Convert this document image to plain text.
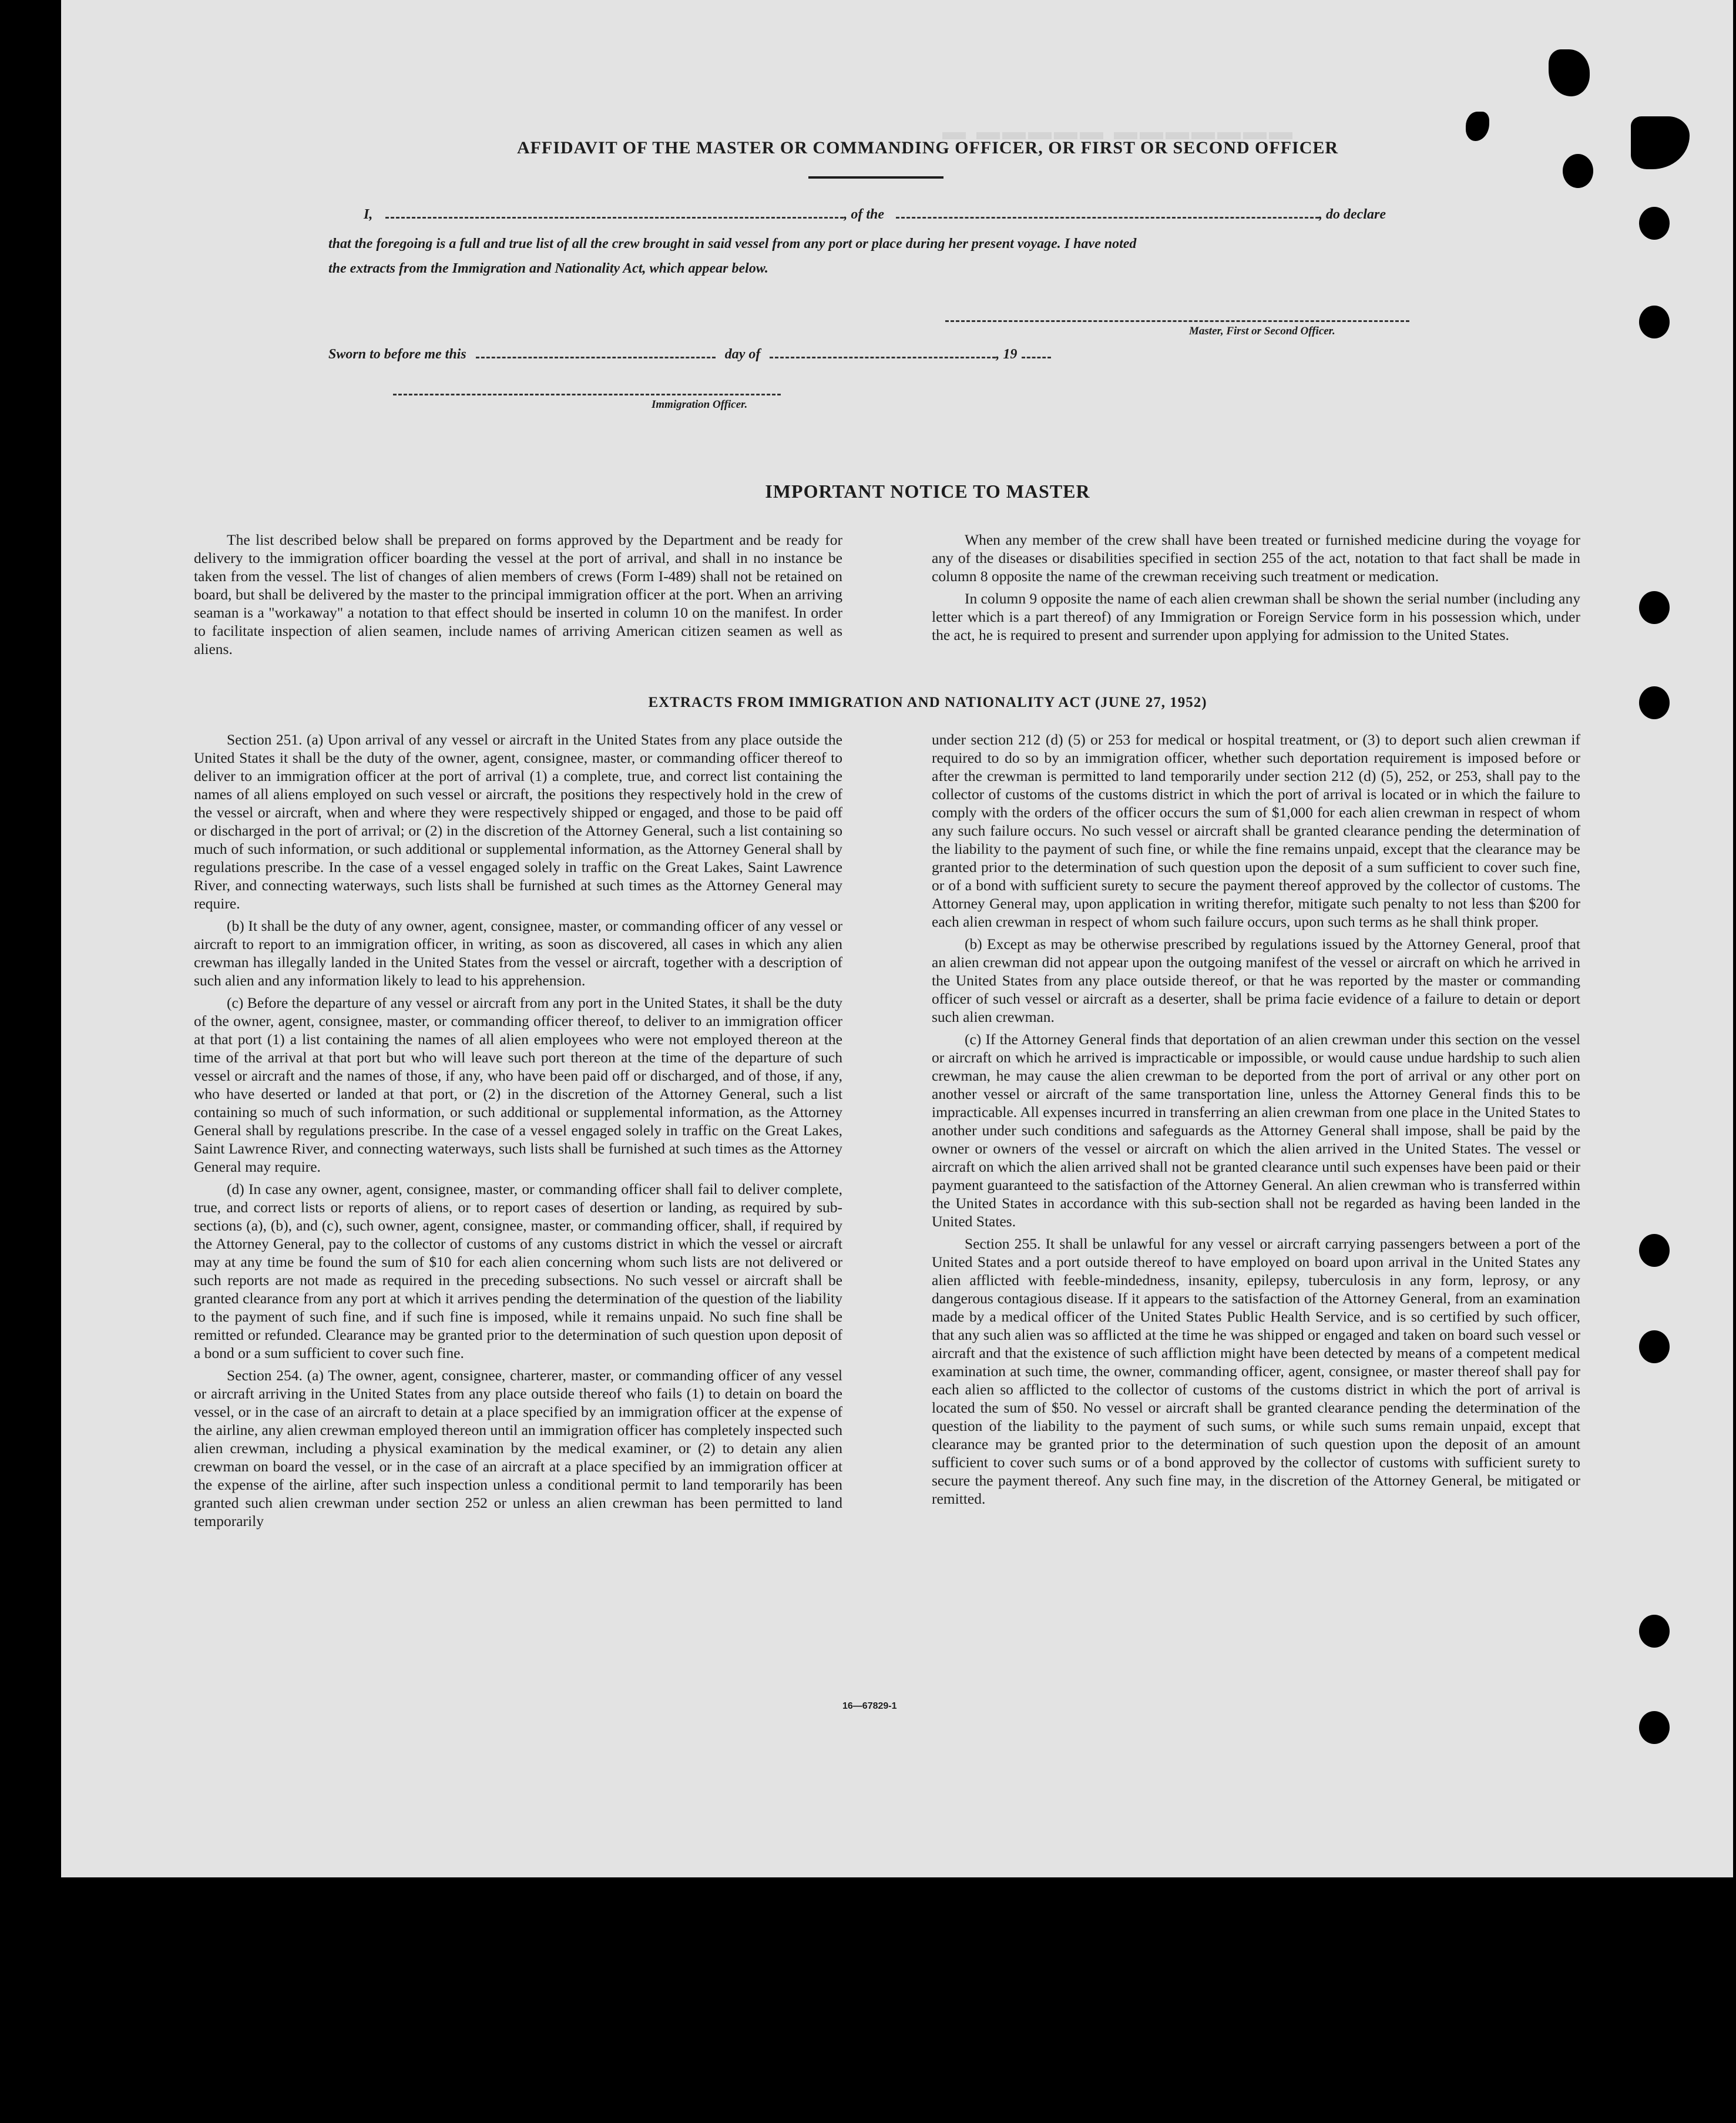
▬ ▬▬▬▬▬ ▬▬▬▬▬▬▬
AFFIDAVIT OF THE MASTER OR COMMANDING OFFICER, OR FIRST OR SECOND OFFICER
I,	, of the	, do declare
that the foregoing is a full and true list of all the crew brought in said vessel from any port or place during her present voyage. I have noted
the extracts from the Immigration and Nationality Act, which appear below.
Master, First or Second Officer.
Sworn to before me this	day of	, 19
Immigration Officer.
IMPORTANT NOTICE TO MASTER

The list described below shall be prepared on forms approved by the Department and be ready for delivery to the immigration officer boarding the vessel at the port of arrival, and shall in no instance be taken from the vessel. The list of changes of alien members of crews (Form I-489) shall not be retained on board, but shall be delivered by the master to the principal immigration officer at the port. When an arriving seaman is a "workaway" a notation to that effect should be inserted in column 10 on the manifest. In order to facilitate inspection of alien seamen, include names of arriving American citizen seamen as well as aliens.

When any member of the crew shall have been treated or furnished medicine during the voyage for any of the diseases or disabilities specified in section 255 of the act, notation to that fact shall be made in column 8 opposite the name of the crewman receiving such treatment or medication.

In column 9 opposite the name of each alien crewman shall be shown the serial number (including any letter which is a part thereof) of any Immigration or Foreign Service form in his possession which, under the act, he is required to present and surrender upon applying for admission to the United States.

EXTRACTS FROM IMMIGRATION AND NATIONALITY ACT (JUNE 27, 1952)

Section 251. (a) Upon arrival of any vessel or aircraft in the United States from any place outside the United States it shall be the duty of the owner, agent, consignee, master, or commanding officer thereof to deliver to an immigration officer at the port of arrival (1) a complete, true, and correct list containing the names of all aliens employed on such vessel or aircraft, the positions they respectively hold in the crew of the vessel or aircraft, when and where they were respectively shipped or engaged, and those to be paid off or discharged in the port of arrival; or (2) in the discretion of the Attorney General, such a list containing so much of such information, or such additional or supplemental information, as the Attorney General shall by regulations prescribe. In the case of a vessel engaged solely in traffic on the Great Lakes, Saint Lawrence River, and connecting waterways, such lists shall be furnished at such times as the Attorney General may require.

(b) It shall be the duty of any owner, agent, consignee, master, or commanding officer of any vessel or aircraft to report to an immigration officer, in writing, as soon as discovered, all cases in which any alien crewman has illegally landed in the United States from the vessel or aircraft, together with a description of such alien and any information likely to lead to his apprehension.

(c) Before the departure of any vessel or aircraft from any port in the United States, it shall be the duty of the owner, agent, consignee, master, or commanding officer thereof, to deliver to an immigration officer at that port (1) a list containing the names of all alien employees who were not employed thereon at the time of the arrival at that port but who will leave such port thereon at the time of the departure of such vessel or aircraft and the names of those, if any, who have been paid off or discharged, and of those, if any, who have deserted or landed at that port, or (2) in the discretion of the Attorney General, such a list containing so much of such information, or such additional or supplemental information, as the Attorney General shall by regulations prescribe. In the case of a vessel engaged solely in traffic on the Great Lakes, Saint Lawrence River, and connecting waterways, such lists shall be furnished at such times as the Attorney General may require.

(d) In case any owner, agent, consignee, master, or commanding officer shall fail to deliver complete, true, and correct lists or reports of aliens, or to report cases of desertion or landing, as required by sub-sections (a), (b), and (c), such owner, agent, consignee, master, or commanding officer, shall, if required by the Attorney General, pay to the collector of customs of any customs district in which the vessel or aircraft may at any time be found the sum of $10 for each alien concerning whom such lists are not delivered or such reports are not made as required in the preceding subsections. No such vessel or aircraft shall be granted clearance from any port at which it arrives pending the determination of the question of the liability to the payment of such fine, and if such fine is imposed, while it remains unpaid. No such fine shall be remitted or refunded. Clearance may be granted prior to the determination of such question upon deposit of a bond or a sum sufficient to cover such fine.

Section 254. (a) The owner, agent, consignee, charterer, master, or commanding officer of any vessel or aircraft arriving in the United States from any place outside thereof who fails (1) to detain on board the vessel, or in the case of an aircraft to detain at a place specified by an immigration officer at the expense of the airline, any alien crewman employed thereon until an immigration officer has completely inspected such alien crewman, including a physical examination by the medical examiner, or (2) to detain any alien crewman on board the vessel, or in the case of an aircraft at a place specified by an immigration officer at the expense of the airline, after such inspection unless a conditional permit to land temporarily has been granted such alien crewman under section 252 or unless an alien crewman has been permitted to land temporarily

under section 212 (d) (5) or 253 for medical or hospital treatment, or (3) to deport such alien crewman if required to do so by an immigration officer, whether such deportation requirement is imposed before or after the crewman is permitted to land temporarily under section 212 (d) (5), 252, or 253, shall pay to the collector of customs of the customs district in which the port of arrival is located or in which the failure to comply with the orders of the officer occurs the sum of $1,000 for each alien crewman in respect of whom any such failure occurs. No such vessel or aircraft shall be granted clearance pending the determination of the liability to the payment of such fine, or while the fine remains unpaid, except that the clearance may be granted prior to the determination of such question upon the deposit of a sum sufficient to cover such fine, or of a bond with sufficient surety to secure the payment thereof approved by the collector of customs. The Attorney General may, upon application in writing therefor, mitigate such penalty to not less than $200 for each alien crewman in respect of whom such failure occurs, upon such terms as he shall think proper.

(b) Except as may be otherwise prescribed by regulations issued by the Attorney General, proof that an alien crewman did not appear upon the outgoing manifest of the vessel or aircraft on which he arrived in the United States from any place outside thereof, or that he was reported by the master or commanding officer of such vessel or aircraft as a deserter, shall be prima facie evidence of a failure to detain or deport such alien crewman.

(c) If the Attorney General finds that deportation of an alien crewman under this section on the vessel or aircraft on which he arrived is impracticable or impossible, or would cause undue hardship to such alien crewman, he may cause the alien crewman to be deported from the port of arrival or any other port on another vessel or aircraft of the same transportation line, unless the Attorney General finds this to be impracticable. All expenses incurred in transferring an alien crewman from one place in the United States to another under such conditions and safeguards as the Attorney General shall impose, shall be paid by the owner or owners of the vessel or aircraft on which the alien arrived in the United States. The vessel or aircraft on which the alien arrived shall not be granted clearance until such expenses have been paid or their payment guaranteed to the satisfaction of the Attorney General. An alien crewman who is transferred within the United States in accordance with this sub-section shall not be regarded as having been landed in the United States.

Section 255. It shall be unlawful for any vessel or aircraft carrying passengers between a port of the United States and a port outside thereof to have employed on board upon arrival in the United States any alien afflicted with feeble-mindedness, insanity, epilepsy, tuberculosis in any form, leprosy, or any dangerous contagious disease. If it appears to the satisfaction of the Attorney General, from an examination made by a medical officer of the United States Public Health Service, and is so certified by such officer, that any such alien was so afflicted at the time he was shipped or engaged and taken on board such vessel or aircraft and that the existence of such affliction might have been detected by means of a competent medical examination at such time, the owner, commanding officer, agent, consignee, or master thereof shall pay for each alien so afflicted to the collector of customs of the customs district in which the port of arrival is located the sum of $50. No vessel or aircraft shall be granted clearance pending the determination of the question of the liability to the payment of such sums, or while such sums remain unpaid, except that clearance may be granted prior to the determination of such question upon the deposit of an amount sufficient to cover such sums or of a bond approved by the collector of customs with sufficient surety to secure the payment thereof. Any such fine may, in the discretion of the Attorney General, be mitigated or remitted.

16—67829-1
